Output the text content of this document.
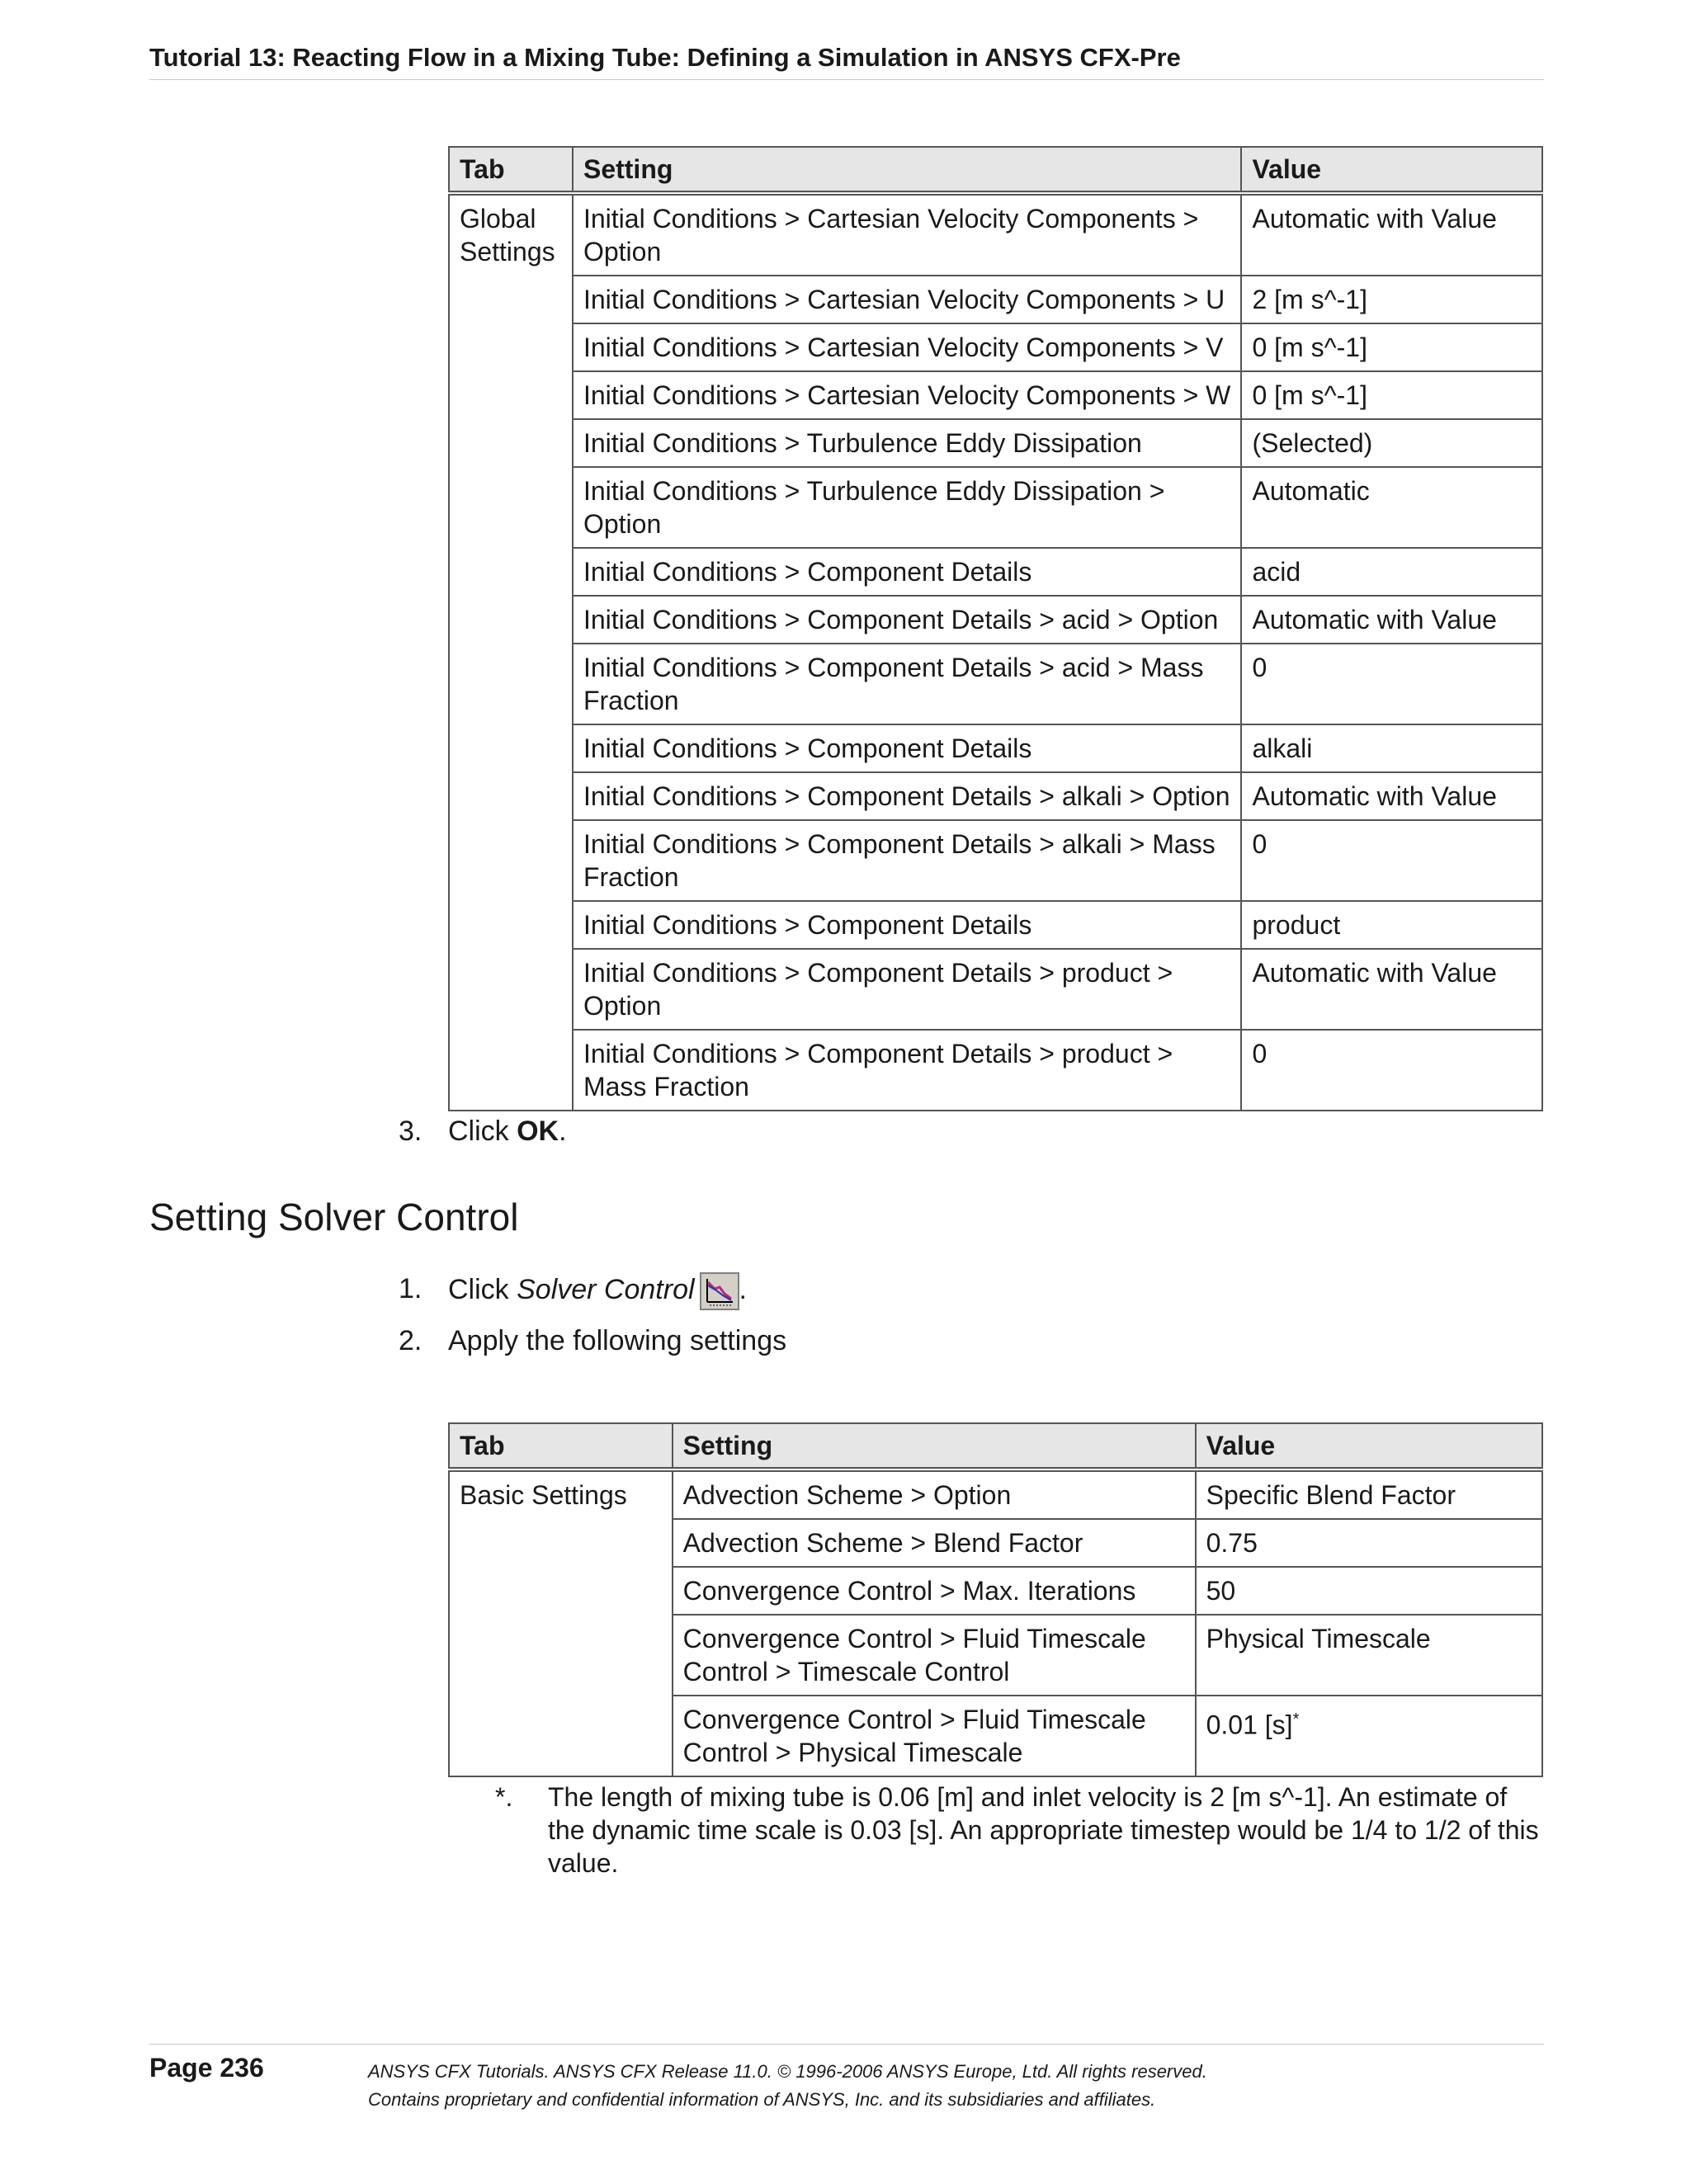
Tutorial 13: Reacting Flow in a Mixing Tube: Defining a Simulation in ANSYS CFX-Pre
Tab	Setting	Value
Global Settings	Initial Conditions > Cartesian Velocity Components > Option	Automatic with Value
	Initial Conditions > Cartesian Velocity Components > U	2 [m s^-1]
	Initial Conditions > Cartesian Velocity Components > V	0 [m s^-1]
	Initial Conditions > Cartesian Velocity Components > W	0 [m s^-1]
	Initial Conditions > Turbulence Eddy Dissipation	(Selected)
	Initial Conditions > Turbulence Eddy Dissipation > Option	Automatic
	Initial Conditions > Component Details	acid
	Initial Conditions > Component Details > acid > Option	Automatic with Value
	Initial Conditions > Component Details > acid > Mass Fraction	0
	Initial Conditions > Component Details	alkali
	Initial Conditions > Component Details > alkali > Option	Automatic with Value
	Initial Conditions > Component Details > alkali > Mass Fraction	0
	Initial Conditions > Component Details	product
	Initial Conditions > Component Details > product > Option	Automatic with Value
	Initial Conditions > Component Details > product > Mass Fraction	0
3. Click OK.
Setting Solver Control
1. Click Solver Control .
2. Apply the following settings
Tab	Setting	Value
Basic Settings	Advection Scheme > Option	Specific Blend Factor
	Advection Scheme > Blend Factor	0.75
	Convergence Control > Max. Iterations	50
	Convergence Control > Fluid Timescale Control > Timescale Control	Physical Timescale
	Convergence Control > Fluid Timescale Control > Physical Timescale	0.01 [s]*
*. The length of mixing tube is 0.06 [m] and inlet velocity is 2 [m s^-1]. An estimate of the dynamic time scale is 0.03 [s]. An appropriate timestep would be 1/4 to 1/2 of this value.
Page 236	ANSYS CFX Tutorials. ANSYS CFX Release 11.0. © 1996-2006 ANSYS Europe, Ltd. All rights reserved.
Contains proprietary and confidential information of ANSYS, Inc. and its subsidiaries and affiliates.
